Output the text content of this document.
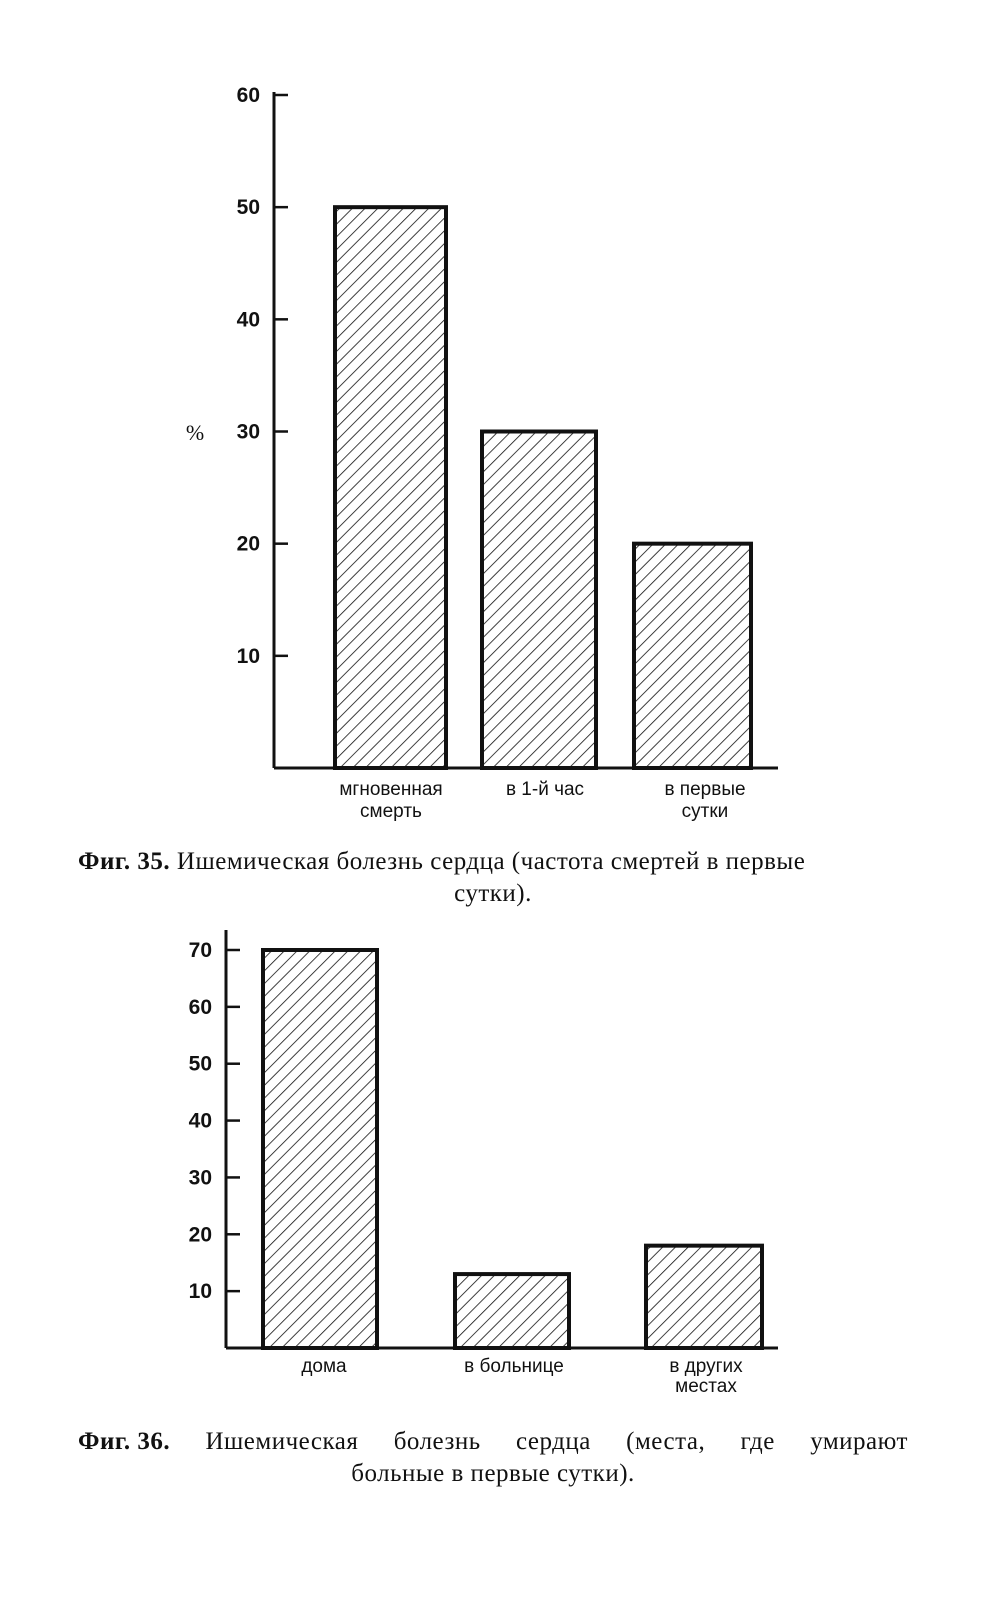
10
20
30
40
50
60
%
мгновенная смерть
в 1-й час	в первые сутки
10
20
30
40
50
60
70
дома	в больнице	в других местах

Фиг. 35. Ишемическая болезнь сердца (частота смертей в первые
сутки).

Фиг. 36. Ишемическая болезнь сердца (места, где умирают
больные в первые сутки).
